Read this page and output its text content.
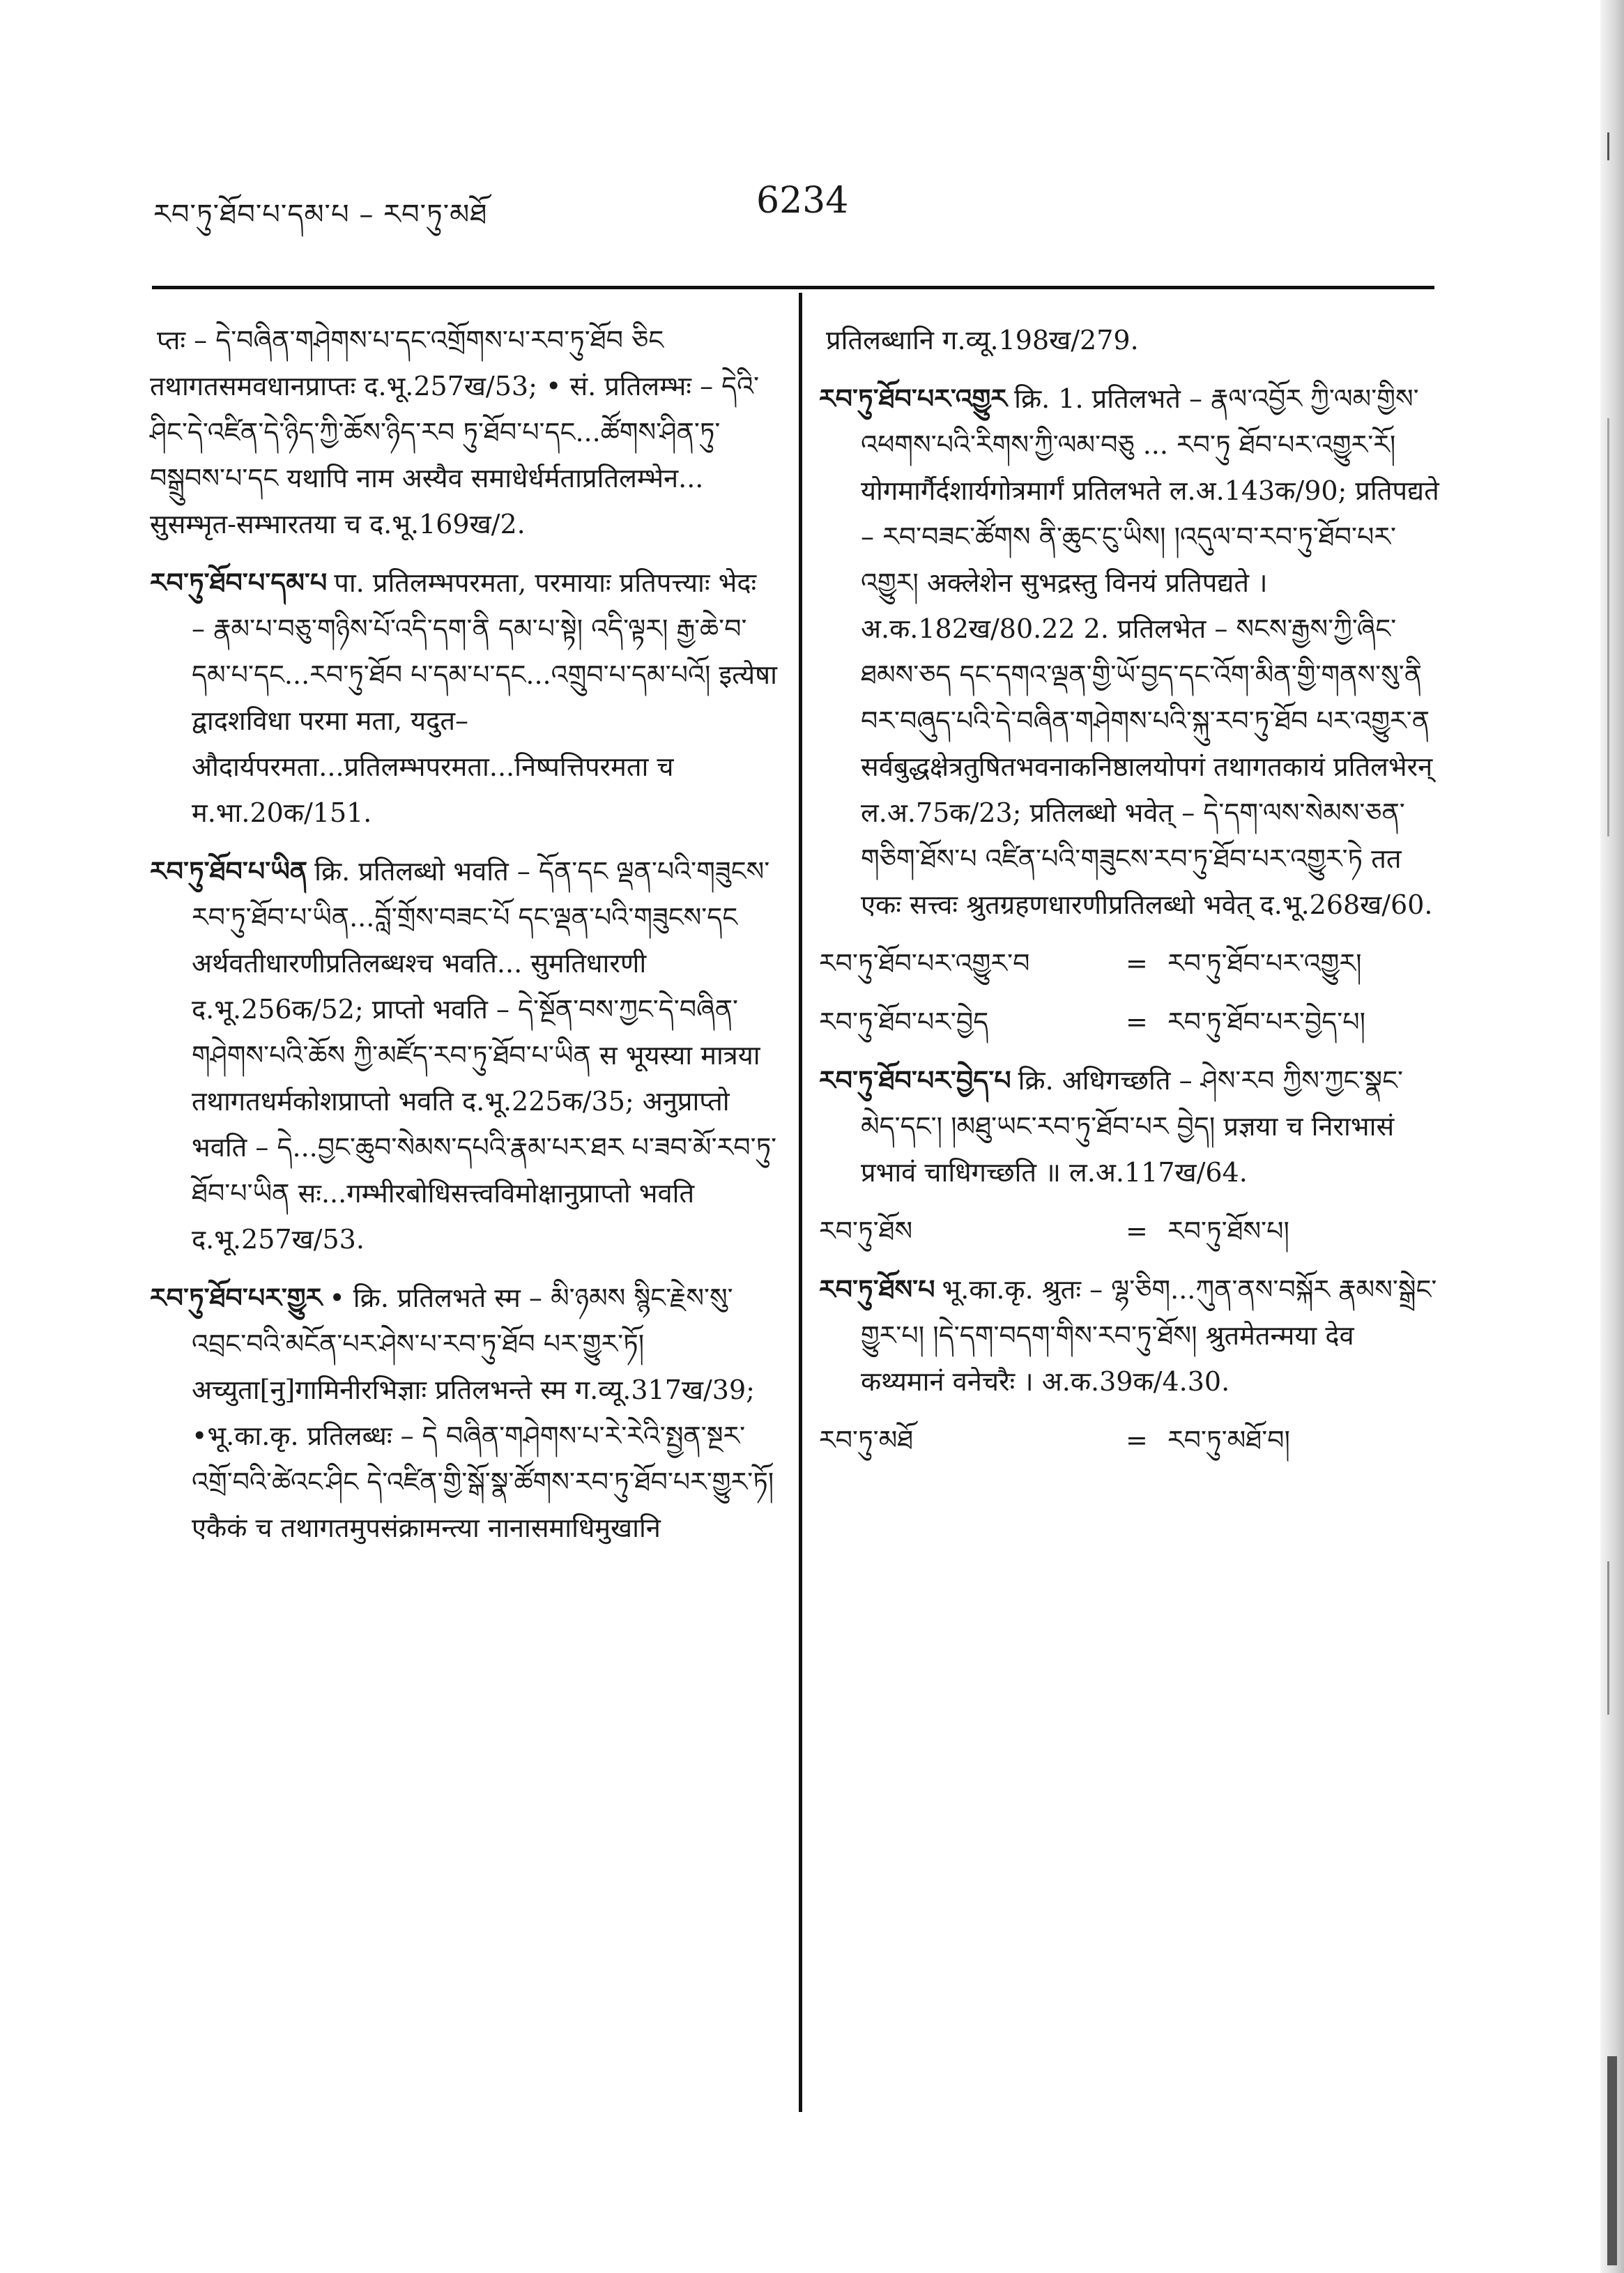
རབ་ཏུ་ཐོབ་པ་དམ་པ – རབ་ཏུ་མཐོ	6234
प्तः – དེ་བཞིན་གཤེགས་པ་དང་འགྲོགས་པ་རབ་ཏུ་ཐོབ ཅིང तथागतसमवधानप्राप्तः द.भू.257ख/53; • सं. प्रतिलम्भः – དེའི་ཤིང་དེ་འཛིན་དེ་ཉིད་ཀྱི་ཆོས་ཉིད་རབ ཏུ་ཐོབ་པ་དང...ཚོགས་ཤིན་ཏུ་བསྒྲུབས་པ་དང यथापि नाम अस्यैव समाधेर्धर्मताप्रतिलम्भेन... सुसम्भृत-सम्भारतया च द.भू.169ख/2.
རབ་ཏུ་ཐོབ་པ་དམ་པ पा. प्रतिलम्भपरमता, परमायाः प्रतिपत्त्याः भेदः – རྣམ་པ་བཅུ་གཉིས་པོ་འདི་དག་ནི དམ་པ་སྟེ། འདི་ལྟར། རྒྱ་ཆེ་བ་དམ་པ་དང...རབ་ཏུ་ཐོབ པ་དམ་པ་དང...འགྲུབ་པ་དམ་པའོ། इत्येषा द्वादशविधा परमा मता, यदुत–औदार्यपरमता...प्रतिलम्भपरमता...निष्पत्तिपरमता च म.भा.20क/151.
རབ་ཏུ་ཐོབ་པ་ཡིན क्रि. प्रतिलब्धो भवति – དོན་དང ལྡན་པའི་གཟུངས་རབ་ཏུ་ཐོབ་པ་ཡིན...བློ་གྲོས་བཟང་པོ དང་ལྡན་པའི་གཟུངས་དང अर्थवतीधारणीप्रतिलब्धश्च भवति... सुमतिधारणी द.भू.256क/52; प्राप्तो भवति – དེ་སྔོན་བས་ཀྱང་དེ་བཞིན་གཤེགས་པའི་ཆོས ཀྱི་མཛོད་རབ་ཏུ་ཐོབ་པ་ཡིན स भूयस्या मात्रया तथागतधर्मकोशप्राप्तो भवति द.भू.225क/35; अनुप्राप्तो भवति – དེ...བྱང་ཆུབ་སེམས་དཔའི་རྣམ་པར་ཐར པ་ཟབ་མོ་རབ་ཏུ་ཐོབ་པ་ཡིན सः...गम्भीरबोधिसत्त्वविमोक्षानुप्राप्तो भवति द.भू.257ख/53.
རབ་ཏུ་ཐོབ་པར་གྱུར • क्रि. प्रतिलभते स्म – མི་ཉམས སྙིང་རྗེས་སུ་འབྲང་བའི་མངོན་པར་ཤེས་པ་རབ་ཏུ་ཐོབ པར་གྱུར་ཏོ། अच्युता[नु]गामिनीरभिज्ञाः प्रतिलभन्ते स्म ग.व्यू.317ख/39; •भू.का.कृ. प्रतिलब्धः – དེ བཞིན་གཤེགས་པ་རེ་རེའི་སྤྱན་སྔར་འགྲོ་བའི་ཚེའང་ཤིང དེ་འཛིན་གྱི་སྒོ་སྣ་ཚོགས་རབ་ཏུ་ཐོབ་པར་གྱུར་ཏོ། एकैकं च तथागतमुपसंक्रामन्त्या नानासमाधिमुखानि
प्रतिलब्धानि ग.व्यू.198ख/279.
རབ་ཏུ་ཐོབ་པར་འགྱུར क्रि. 1. प्रतिलभते – རྣལ་འབྱོར ཀྱི་ལམ་གྱིས་འཕགས་པའི་རིགས་ཀྱི་ལམ་བཅུ ... རབ་ཏུ ཐོབ་པར་འགྱུར་རོ། योगमार्गैर्दशार्यगोत्रमार्गं प्रतिलभते ल.अ.143क/90; प्रतिपद्यते – རབ་བཟང་ཚོགས ནི་ཆུང་ངུ་ཡིས། །འདུལ་བ་རབ་ཏུ་ཐོབ་པར་འགྱུར། अक्लेशेन सुभद्रस्तु विनयं प्रतिपद्यते । अ.क.182ख/80.22 2. प्रतिलभेत – སངས་རྒྱས་ཀྱི་ཞིང་ཐམས་ཅད དང་དགའ་ལྡན་གྱི་ཡོ་བྱད་དང་འོག་མིན་གྱི་གནས་སུ་ནི བར་བཞུད་པའི་དེ་བཞིན་གཤེགས་པའི་སྐུ་རབ་ཏུ་ཐོབ པར་འགྱུར་ན सर्वबुद्धक्षेत्रतुषितभवनाकनिष्ठालयोपगं तथागतकायं प्रतिलभेरन् ल.अ.75क/23; प्रतिलब्धो भवेत् – དེ་དག་ལས་སེམས་ཅན་གཅིག་ཐོས་པ འཛིན་པའི་གཟུངས་རབ་ཏུ་ཐོབ་པར་འགྱུར་ཏེ तत एकः सत्त्वः श्रुतग्रहणधारणीप्रतिलब्धो भवेत् द.भू.268ख/60.
རབ་ཏུ་ཐོབ་པར་འགྱུར་བ	= རབ་ཏུ་ཐོབ་པར་འགྱུར།
རབ་ཏུ་ཐོབ་པར་བྱེད	= རབ་ཏུ་ཐོབ་པར་བྱེད་པ།
རབ་ཏུ་ཐོབ་པར་བྱེད་པ क्रि. अधिगच्छति – ཤེས་རབ ཀྱིས་ཀྱང་སྣང་མེད་དང་། །མཐུ་ཡང་རབ་ཏུ་ཐོབ་པར བྱེད། प्रज्ञया च निराभासं प्रभावं चाधिगच्छति ॥ ल.अ.117ख/64.
རབ་ཏུ་ཐོས	= རབ་ཏུ་ཐོས་པ།
རབ་ཏུ་ཐོས་པ भू.का.कृ. श्रुतः – ལྷ་ཅིག...ཀུན་ནས་བསྐོར རྣམས་སྒྲེང་གྱུར་པ། །དེ་དག་བདག་གིས་རབ་ཏུ་ཐོས། श्रुतमेतन्मया देव कथ्यमानं वनेचरैः । अ.क.39क/4.30.
རབ་ཏུ་མཐོ	= རབ་ཏུ་མཐོ་བ།
